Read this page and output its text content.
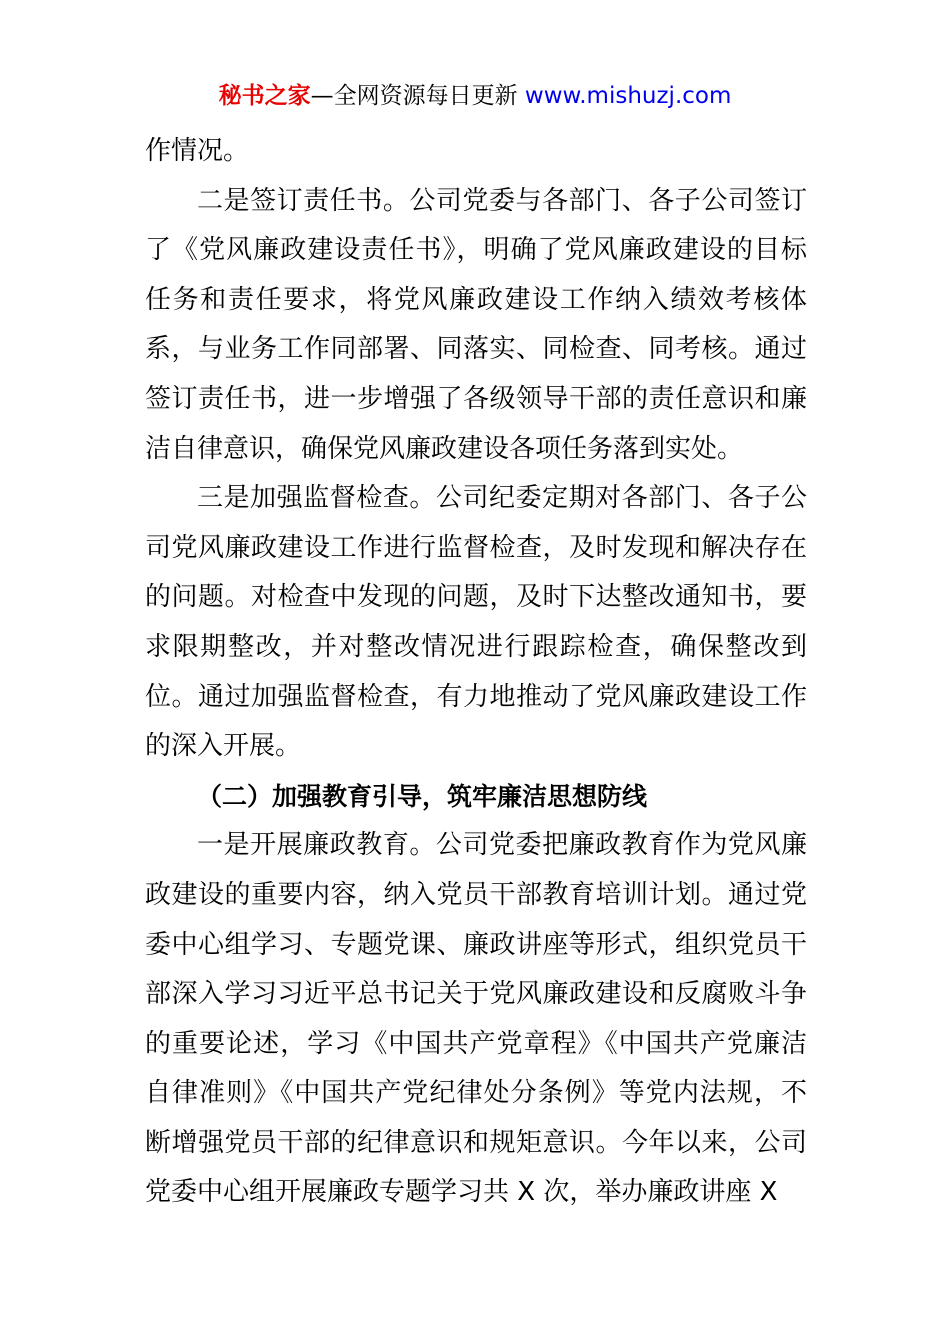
秘书之家—全网资源每日更新 www.mishuzj.com

作情况。

二是签订责任书。公司党委与各部门、各子公司签订了《党风廉政建设责任书》，明确了党风廉政建设的目标任务和责任要求，将党风廉政建设工作纳入绩效考核体系，与业务工作同部署、同落实、同检查、同考核。通过签订责任书，进一步增强了各级领导干部的责任意识和廉洁自律意识，确保党风廉政建设各项任务落到实处。

三是加强监督检查。公司纪委定期对各部门、各子公司党风廉政建设工作进行监督检查，及时发现和解决存在的问题。对检查中发现的问题，及时下达整改通知书，要求限期整改，并对整改情况进行跟踪检查，确保整改到位。通过加强监督检查，有力地推动了党风廉政建设工作的深入开展。

（二）加强教育引导，筑牢廉洁思想防线

一是开展廉政教育。公司党委把廉政教育作为党风廉政建设的重要内容，纳入党员干部教育培训计划。通过党委中心组学习、专题党课、廉政讲座等形式，组织党员干部深入学习习近平总书记关于党风廉政建设和反腐败斗争的重要论述，学习《中国共产党章程》《中国共产党廉洁自律准则》《中国共产党纪律处分条例》等党内法规，不断增强党员干部的纪律意识和规矩意识。今年以来，公司党委中心组开展廉政专题学习共 X 次，举办廉政讲座 X
